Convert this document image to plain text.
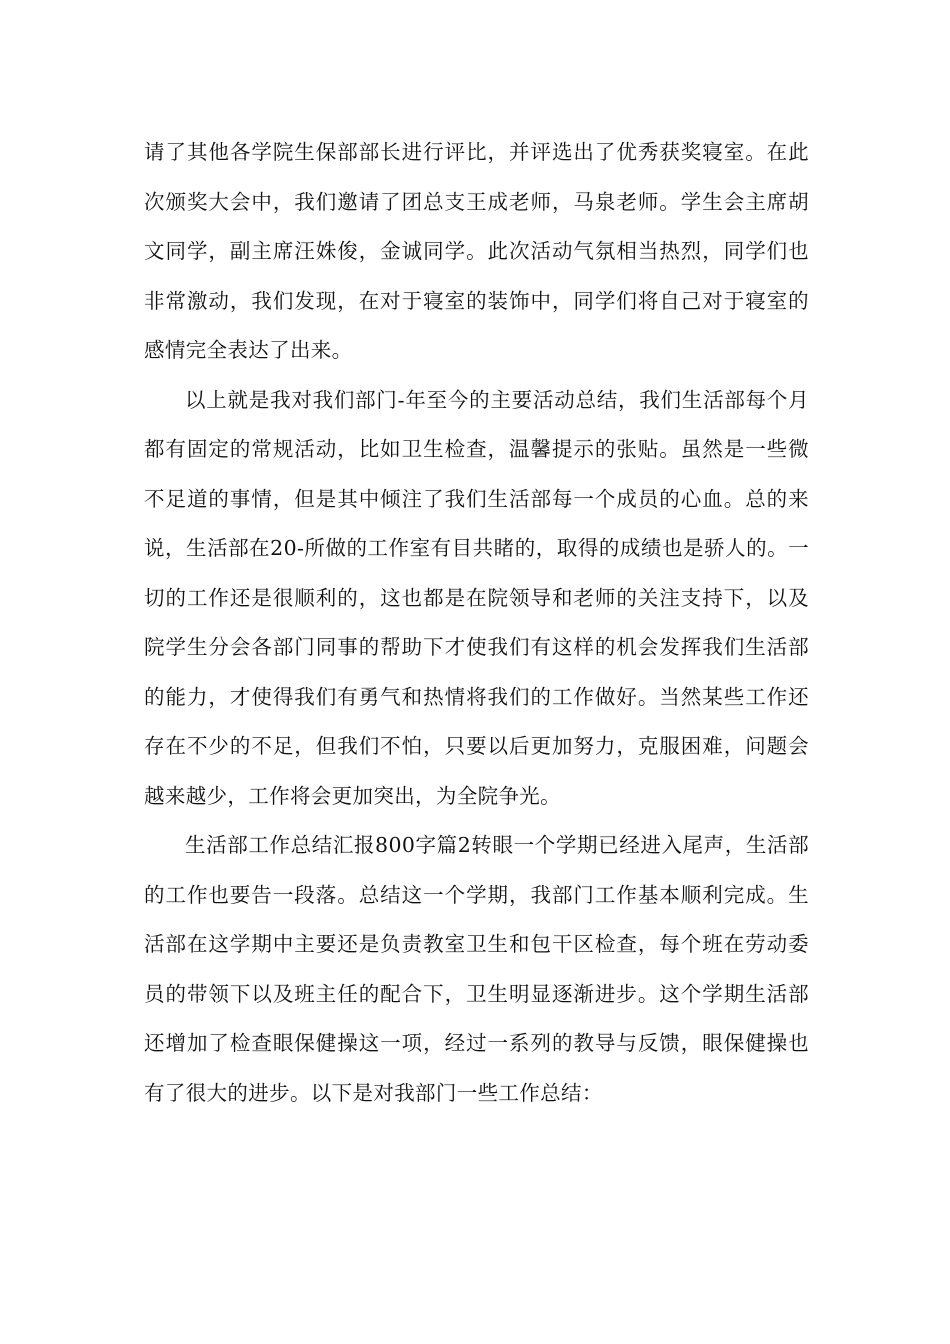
请了其他各学院生保部部长进行评比，并评选出了优秀获奖寝室。在此次颁奖大会中，我们邀请了团总支王成老师，马泉老师。学生会主席胡文同学，副主席汪姝俊，金诚同学。此次活动气氛相当热烈，同学们也非常激动，我们发现，在对于寝室的装饰中，同学们将自己对于寝室的感情完全表达了出来。

以上就是我对我们部门-年至今的主要活动总结，我们生活部每个月都有固定的常规活动，比如卫生检查，温馨提示的张贴。虽然是一些微不足道的事情，但是其中倾注了我们生活部每一个成员的心血。总的来说，生活部在20-所做的工作室有目共睹的，取得的成绩也是骄人的。一切的工作还是很顺利的，这也都是在院领导和老师的关注支持下，以及院学生分会各部门同事的帮助下才使我们有这样的机会发挥我们生活部的能力，才使得我们有勇气和热情将我们的工作做好。当然某些工作还存在不少的不足，但我们不怕，只要以后更加努力，克服困难，问题会越来越少，工作将会更加突出，为全院争光。

生活部工作总结汇报800字篇2转眼一个学期已经进入尾声，生活部的工作也要告一段落。总结这一个学期，我部门工作基本顺利完成。生活部在这学期中主要还是负责教室卫生和包干区检查，每个班在劳动委员的带领下以及班主任的配合下，卫生明显逐渐进步。这个学期生活部还增加了检查眼保健操这一项，经过一系列的教导与反馈，眼保健操也有了很大的进步。以下是对我部门一些工作总结：
